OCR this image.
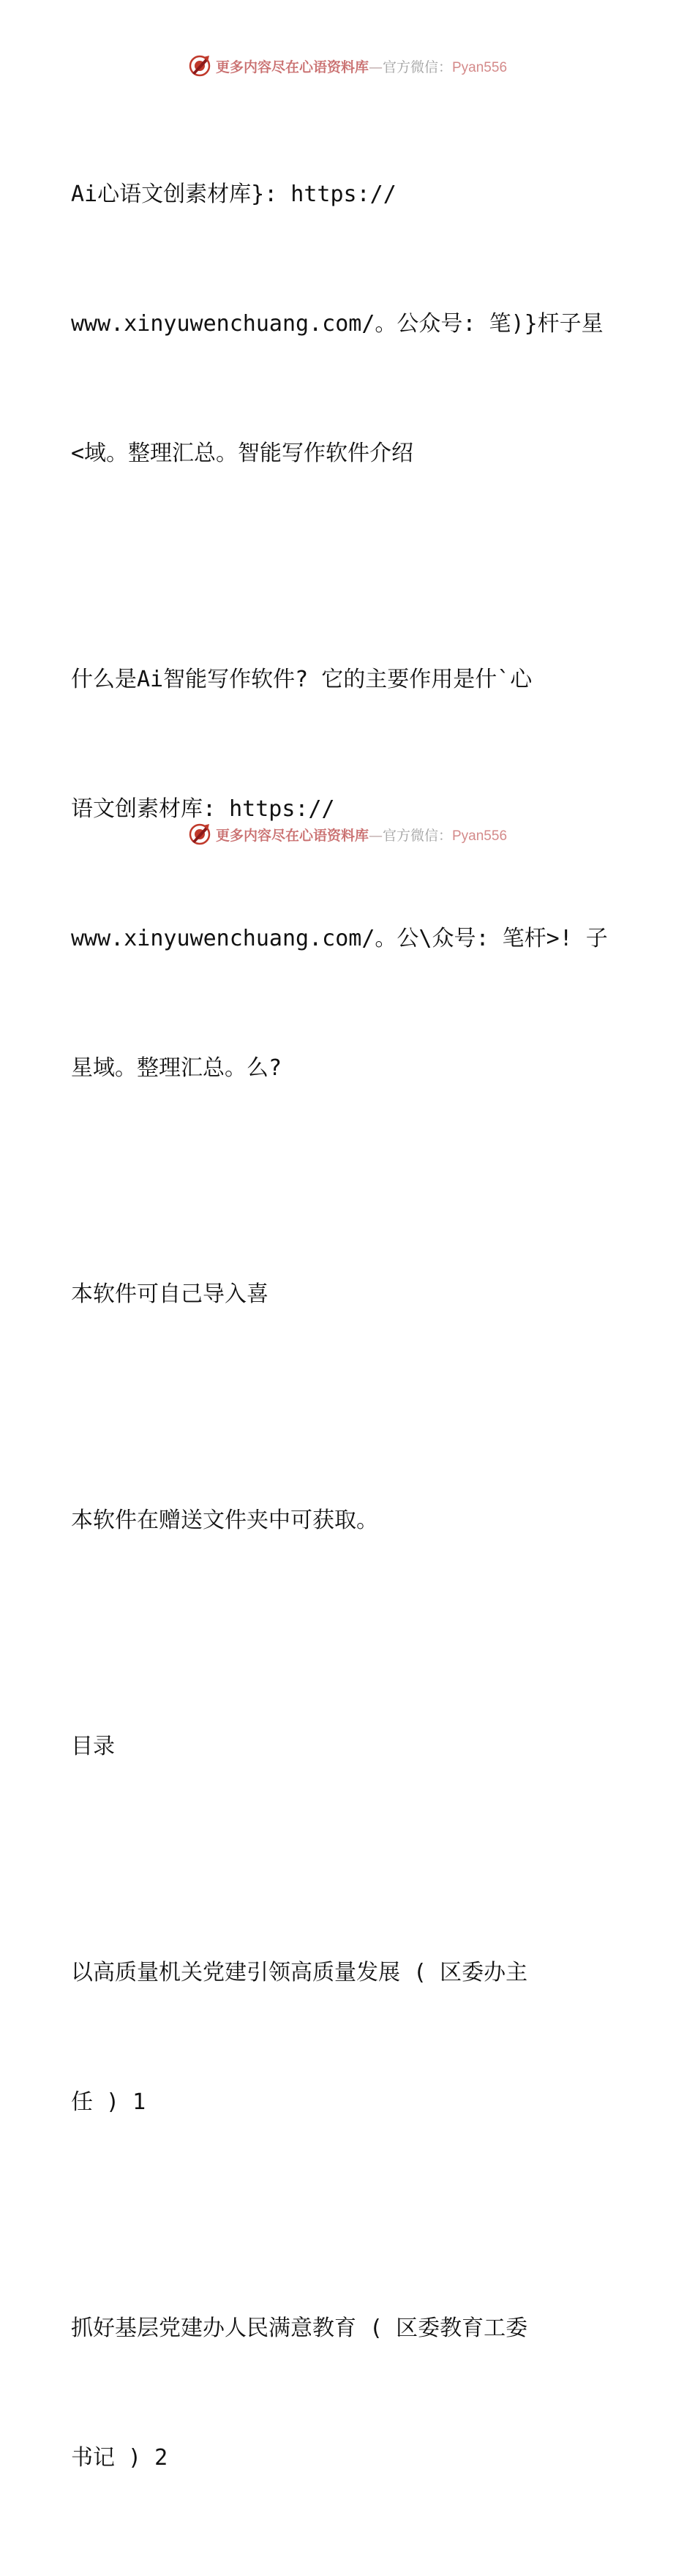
更多内容尽在心语资料库—官方微信：Pyan556

Ai心语文创素材库}: https://

www.xinyuwenchuang.com/。公众号: 笔)}杆子星

<域。整理汇总。智能写作软件介绍

什么是Ai智能写作软件? 它的主要作用是什`心

语文创素材库: https://

www.xinyuwenchuang.com/。公\众号: 笔杆>! 子

星域。整理汇总。么?

本软件可自己导入喜

本软件在赠送文件夹中可获取。

目录

以高质量机关党建引领高质量发展 ( 区委办主

任 ) 1

抓好基层党建办人民满意教育 ( 区委教育工委

书记 ) 2

更多内容尽在心语资料库—官方微信：Pyan556
